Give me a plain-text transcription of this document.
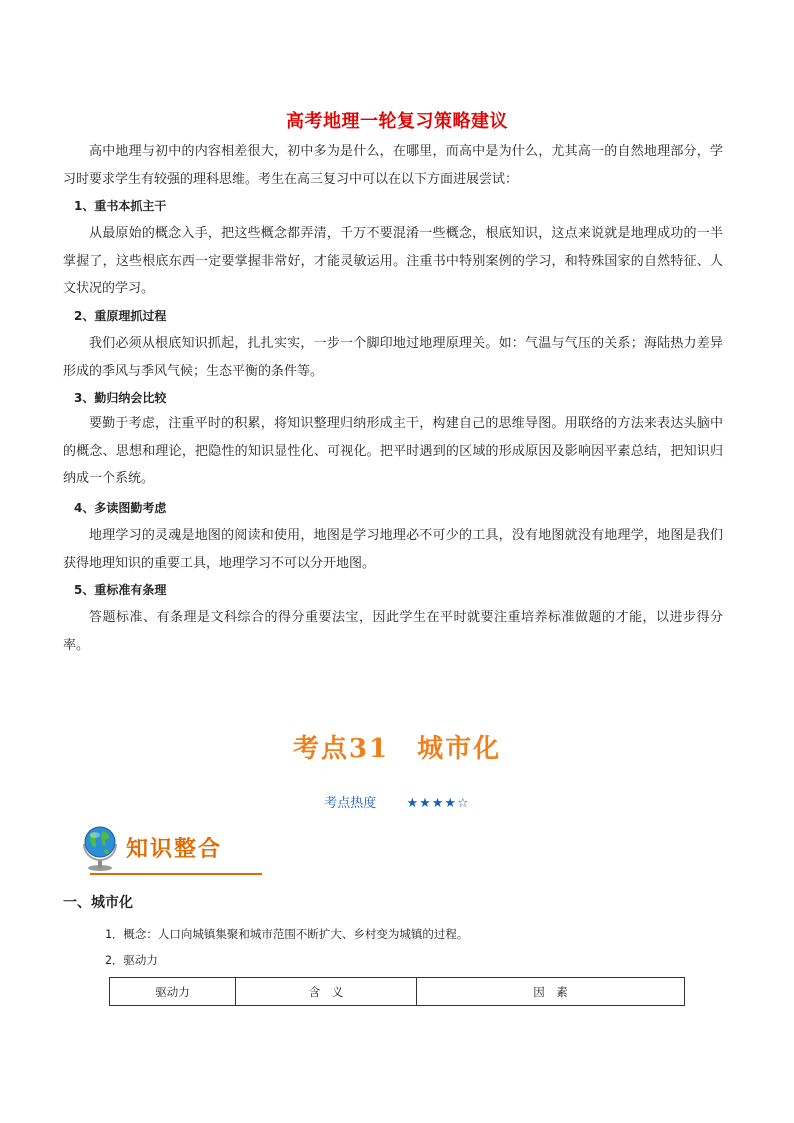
高考地理一轮复习策略建议

高中地理与初中的内容相差很大，初中多为是什么，在哪里，而高中是为什么，尤其高一的自然地理部分，学习时要求学生有较强的理科思维。考生在高三复习中可以在以下方面进展尝试：

1、重书本抓主干

从最原始的概念入手，把这些概念都弄清，千万不要混淆一些概念，根底知识，这点来说就是地理成功的一半掌握了，这些根底东西一定要掌握非常好，才能灵敏运用。注重书中特别案例的学习，和特殊国家的自然特征、人文状况的学习。

2、重原理抓过程

我们必须从根底知识抓起，扎扎实实，一步一个脚印地过地理原理关。如：气温与气压的关系；海陆热力差异形成的季风与季风气候；生态平衡的条件等。

3、勤归纳会比较

要勤于考虑，注重平时的积累，将知识整理归纳形成主干，构建自己的思维导图。用联络的方法来表达头脑中的概念、思想和理论，把隐性的知识显性化、可视化。把平时遇到的区域的形成原因及影响因平素总结，把知识归纳成一个系统。

4、多读图勤考虑

地理学习的灵魂是地图的阅读和使用，地图是学习地理必不可少的工具，没有地图就没有地理学，地图是我们获得地理知识的重要工具，地理学习不可以分开地图。

5、重标准有条理

答题标准、有条理是文科综合的得分重要法宝，因此学生在平时就要注重培养标准做题的才能，以进步得分率。

考点31　城市化
考点热度 ★★★★☆
知识整合
一、城市化
1．概念：人口向城镇集聚和城市范围不断扩大、乡村变为城镇的过程。
2．驱动力
驱动力	含　义	因　素
